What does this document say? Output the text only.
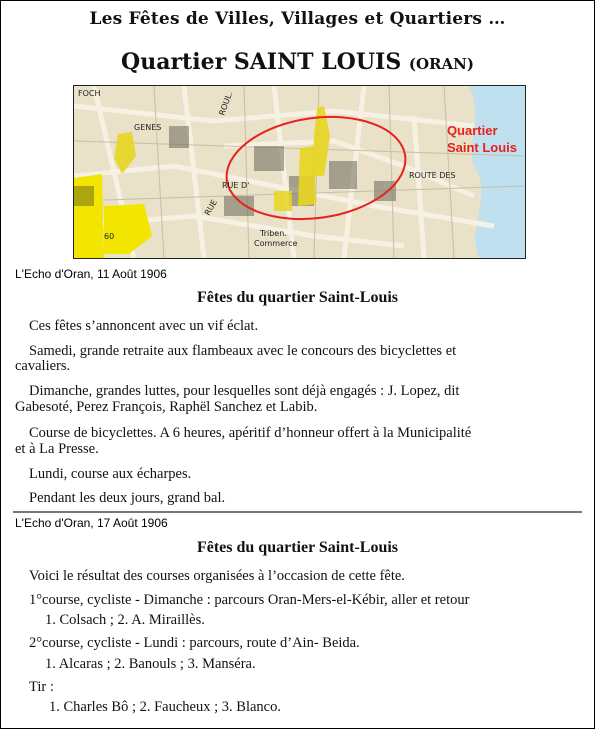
Les Fêtes de Villes, Villages et Quartiers …
Quartier SAINT LOUIS (ORAN)
FOCH
GENES
ROUL.
RUE D'
Triben.
Commerce
ROUTE DES
60
RUE
Quartier
Saint Louis
L'Echo d'Oran, 11 Août 1906
Fêtes du quartier Saint-Louis
Ces fêtes s’annoncent avec un vif éclat.
Samedi, grande retraite aux flambeaux avec le concours des bicyclettes et
cavaliers.
Dimanche, grandes luttes, pour lesquelles sont déjà engagés : J. Lopez, dit
Gabesoté, Perez François, Raphël Sanchez et Labib.
Course de bicyclettes. A 6 heures, apéritif d’honneur offert à la Municipalité
et à La Presse.
Lundi, course aux écharpes.
Pendant les deux jours, grand bal.
L'Echo d'Oran, 17 Août 1906
Fêtes du quartier Saint-Louis
Voici le résultat des courses organisées à l’occasion de cette fête.
1°course, cycliste - Dimanche : parcours Oran-Mers-el-Kébir, aller et retour
1. Colsach ; 2. A. Miraillès.
2°course, cycliste - Lundi : parcours, route d’Ain- Beida.
1. Alcaras ; 2. Banouls ; 3. Manséra.
Tir :
1. Charles Bô ; 2. Faucheux ; 3. Blanco.
